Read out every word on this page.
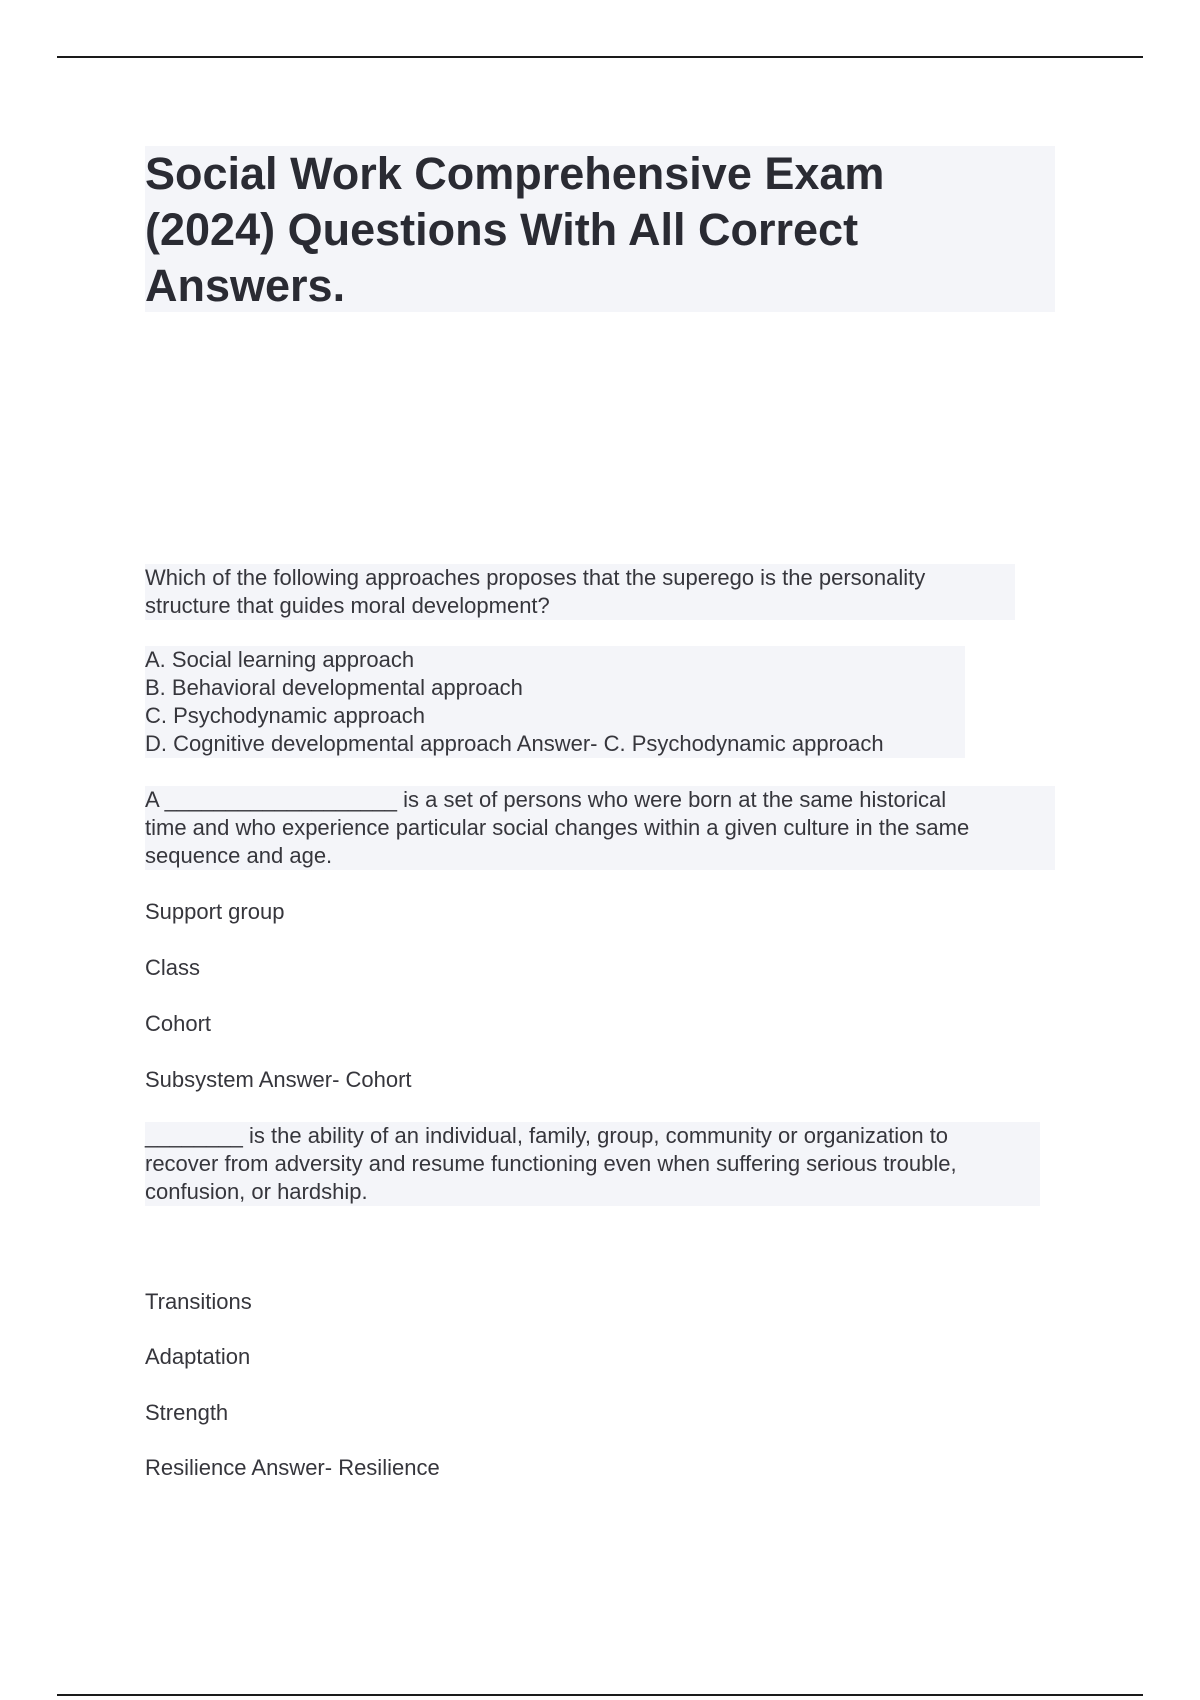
Social Work Comprehensive Exam
(2024) Questions With All Correct
Answers.
Which of the following approaches proposes that the superego is the personality
structure that guides moral development?
A. Social learning approach
B. Behavioral developmental approach
C. Psychodynamic approach
D. Cognitive developmental approach Answer- C. Psychodynamic approach
A ___________________ is a set of persons who were born at the same historical
time and who experience particular social changes within a given culture in the same
sequence and age.
Support group
Class
Cohort
Subsystem Answer- Cohort
________ is the ability of an individual, family, group, community or organization to
recover from adversity and resume functioning even when suffering serious trouble,
confusion, or hardship.
Transitions
Adaptation
Strength
Resilience Answer- Resilience
